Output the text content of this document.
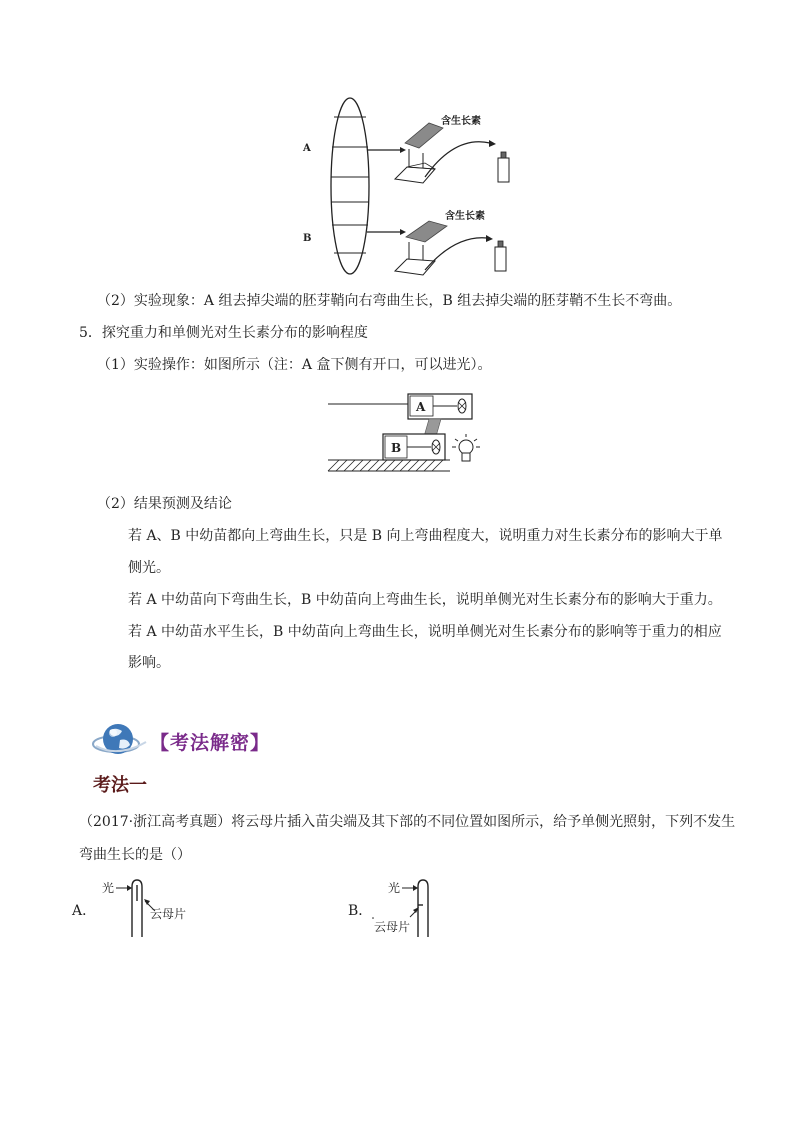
A
B
含生长素
含生长素
（2）实验现象：A 组去掉尖端的胚芽鞘向右弯曲生长，B 组去掉尖端的胚芽鞘不生长不弯曲。
5．探究重力和单侧光对生长素分布的影响程度
（1）实验操作：如图所示（注：A 盒下侧有开口，可以进光）。
A
B
（2）结果预测及结论
若 A、B 中幼苗都向上弯曲生长，只是 B 向上弯曲程度大，说明重力对生长素分布的影响大于单
侧光。
若 A 中幼苗向下弯曲生长，B 中幼苗向上弯曲生长，说明单侧光对生长素分布的影响大于重力。
若 A 中幼苗水平生长，B 中幼苗向上弯曲生长，说明单侧光对生长素分布的影响等于重力的相应
影响。
【考法解密】
考法一
（2017·浙江高考真题）将云母片插入苗尖端及其下部的不同位置如图所示，给予单侧光照射，下列不发生
弯曲生长的是（）
A．
光
云母片	B．
光
云母片
